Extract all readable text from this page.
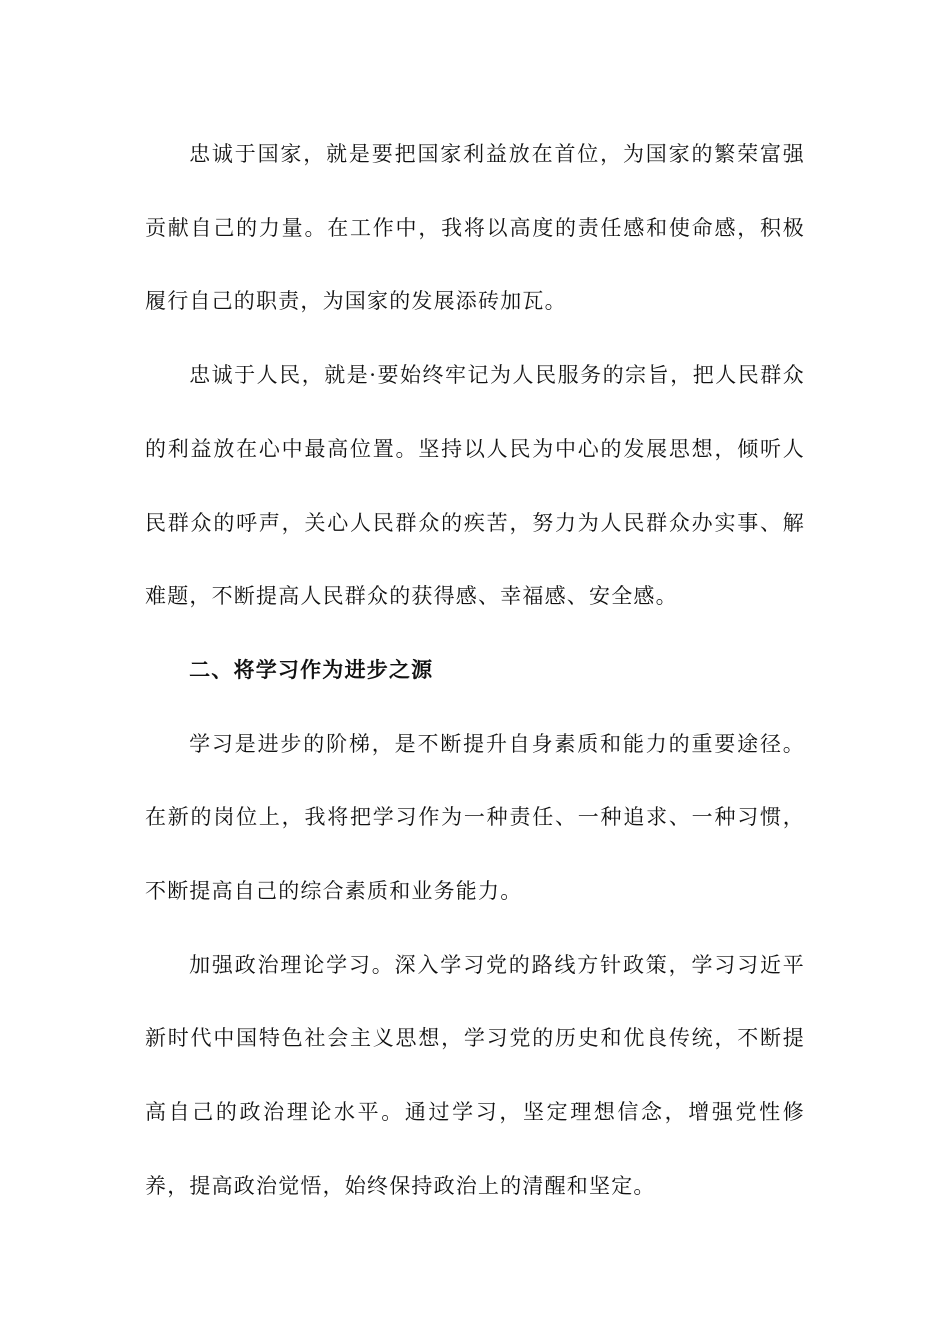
忠诚于国家，就是要把国家利益放在首位，为国家的繁荣富强贡献自己的力量。在工作中，我将以高度的责任感和使命感，积极履行自己的职责，为国家的发展添砖加瓦。

忠诚于人民，就是·要始终牢记为人民服务的宗旨，把人民群众的利益放在心中最高位置。坚持以人民为中心的发展思想，倾听人民群众的呼声，关心人民群众的疾苦，努力为人民群众办实事、解难题，不断提高人民群众的获得感、幸福感、安全感。

二、将学习作为进步之源

学习是进步的阶梯，是不断提升自身素质和能力的重要途径。在新的岗位上，我将把学习作为一种责任、一种追求、一种习惯，不断提高自己的综合素质和业务能力。

加强政治理论学习。深入学习党的路线方针政策，学习习近平新时代中国特色社会主义思想，学习党的历史和优良传统，不断提高自己的政治理论水平。通过学习，坚定理想信念，增强党性修养，提高政治觉悟，始终保持政治上的清醒和坚定。
